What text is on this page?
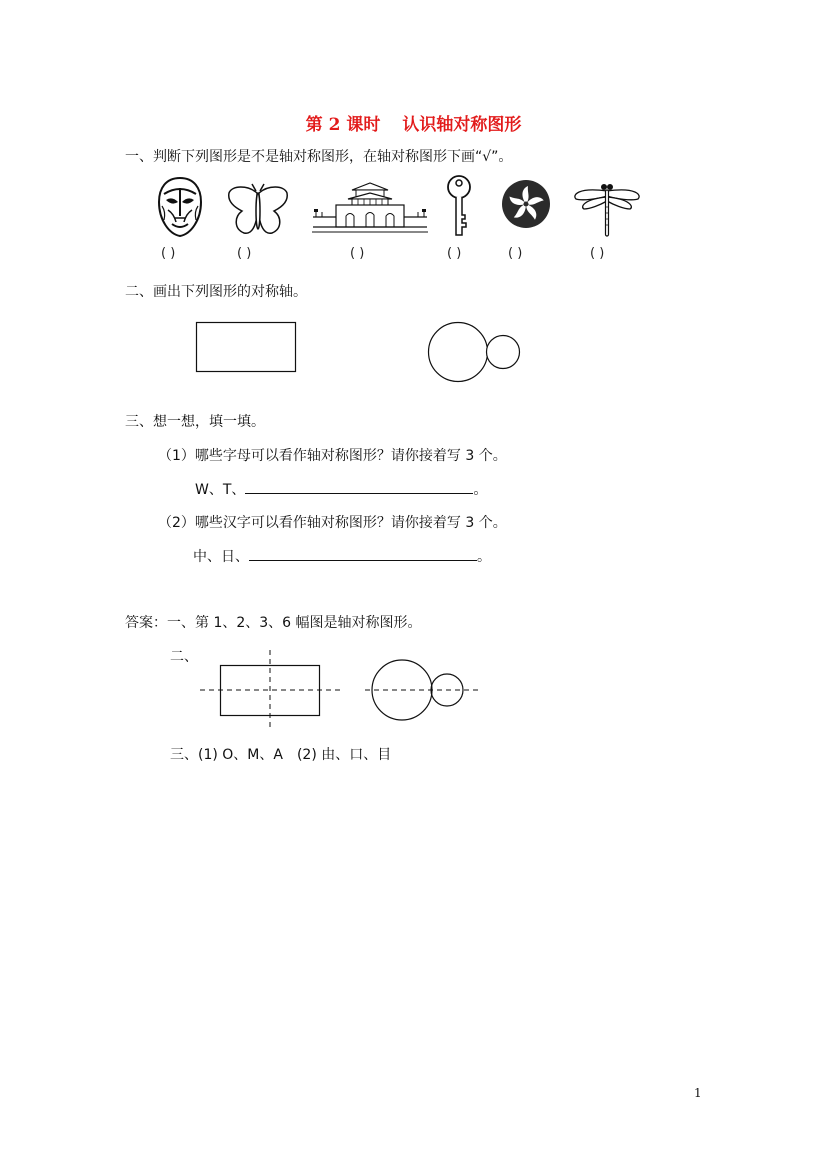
第 2 课时 认识轴对称图形
一、判断下列图形是不是轴对称图形，在轴对称图形下画“√”。
( )	( )	( )	( )	( )	( )
二、画出下列图形的对称轴。
三、想一想，填一填。
（1）哪些字母可以看作轴对称图形？请你接着写 3 个。
W、T、	。
（2）哪些汉字可以看作轴对称图形？请你接着写 3 个。
中、日、	。
答案：一、第 1、2、3、6 幅图是轴对称图形。
二、
三、(1) O、M、A　(2) 由、口、目
1
